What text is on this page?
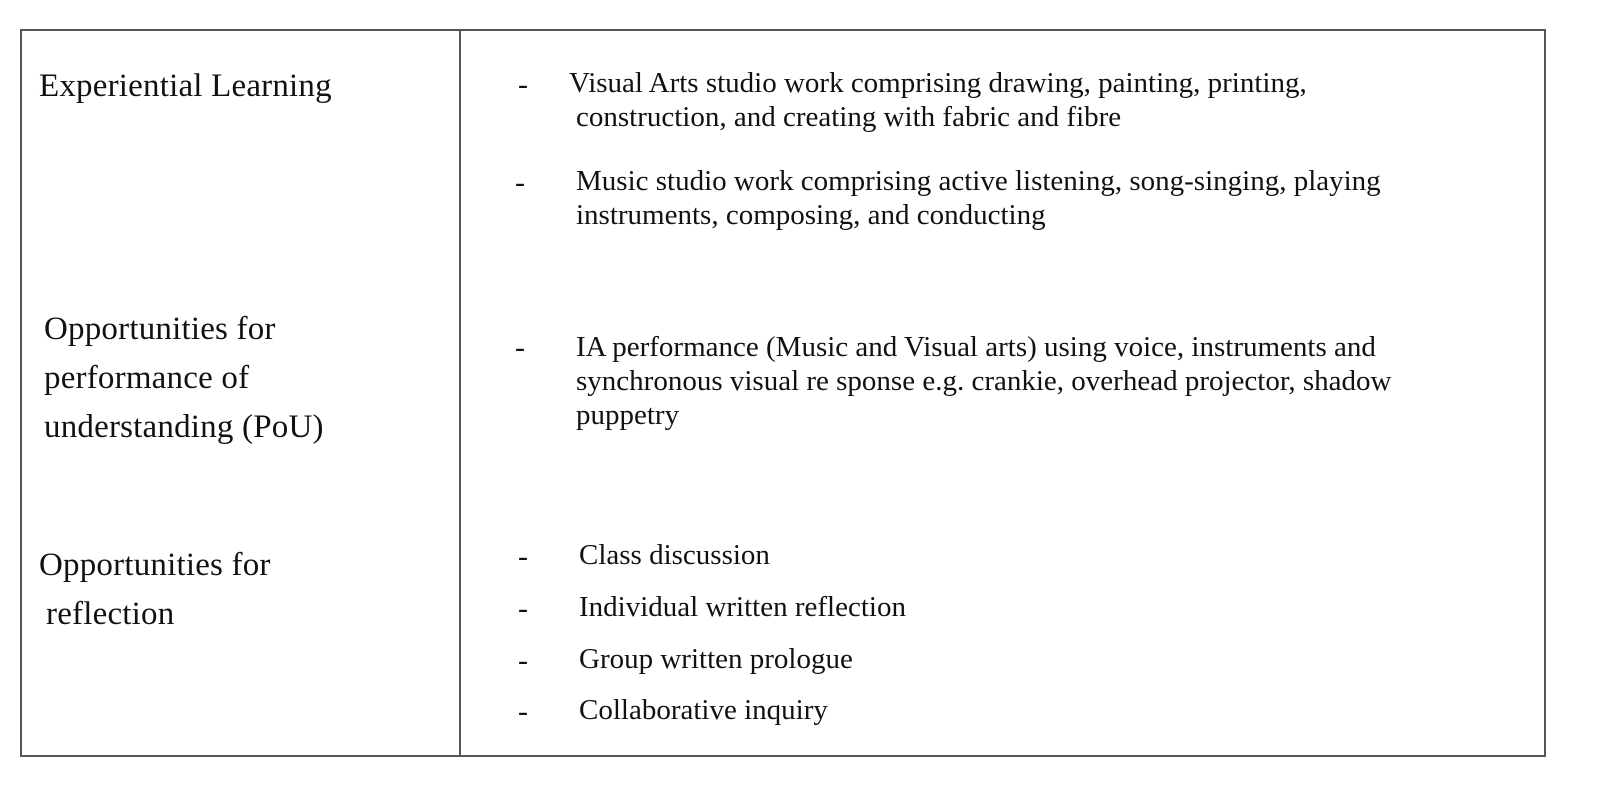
Experiential Learning	- Visual Arts studio work comprising drawing, painting, printing,
construction, and creating with fabric and fibre
- Music studio work comprising active listening, song-singing, playing
instruments, composing, and conducting
Opportunities for
performance of
understanding (PoU)
- IA performance (Music and Visual arts) using voice, instruments and
synchronous visual re sponse e.g. crankie, overhead projector, shadow
puppetry
Opportunities for
reflection
- Class discussion
- Individual written reflection
- Group written prologue
- Collaborative inquiry
